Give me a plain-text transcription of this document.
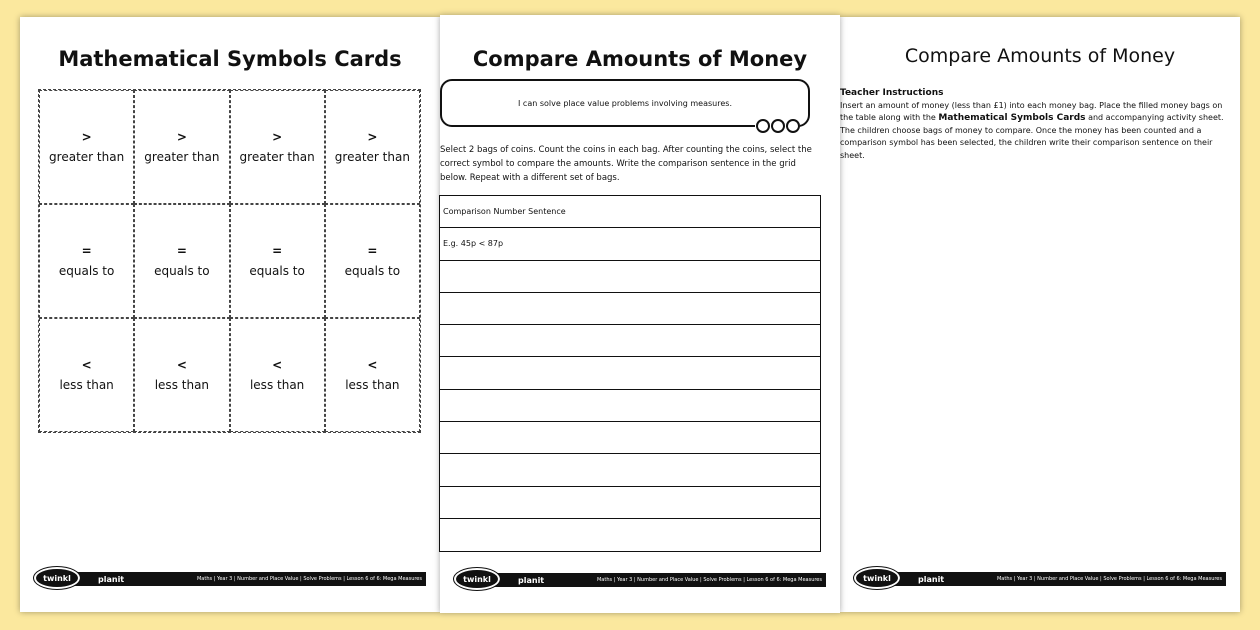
Mathematical Symbols Cards
>
greater than
>
greater than
>
greater than
>
greater than
=
equals to
=
equals to
=
equals to
=
equals to
<
less than
<
less than
<
less than
<
less than
twinkl	planit	Maths | Year 3 | Number and Place Value | Solve Problems | Lesson 6 of 6: Mega Measures
Compare Amounts of Money
I can solve place value problems involving measures.

Select 2 bags of coins. Count the coins in each bag. After counting the coins, select the correct symbol to compare the amounts. Write the comparison sentence in the grid below. Repeat with a different set of bags.

Comparison Number Sentence
E.g. 45p < 87p
twinkl	planit	Maths | Year 3 | Number and Place Value | Solve Problems | Lesson 6 of 6: Mega Measures
Compare Amounts of Money
Teacher Instructions
Insert an amount of money (less than £1) into each money bag. Place the filled money bags on the table along with the Mathematical Symbols Cards and accompanying activity sheet. The children choose bags of money to compare. Once the money has been counted and a comparison symbol has been selected, the children write their comparison sentence on their sheet.
twinkl	planit	Maths | Year 3 | Number and Place Value | Solve Problems | Lesson 6 of 6: Mega Measures
